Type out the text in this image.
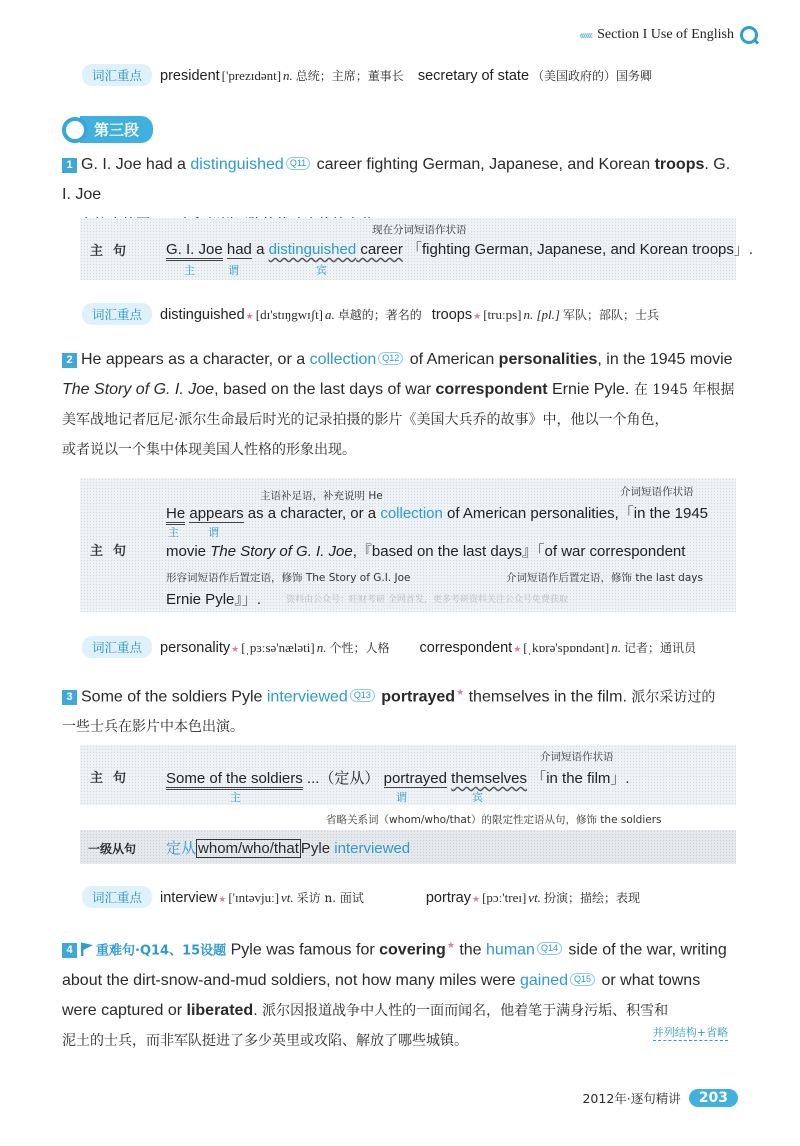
‹‹‹‹‹‹ Section I Use of English
词汇重点	president ['prezɪdənt] n. 总统；主席；董事长 secretary of state （美国政府的）国务卿
第三段
1 G. I. Joe had a distinguished Q11 career fighting German, Japanese, and Korean troops. G. I. Joe

主句
现在分词短语作状语
G. I. Joe had a distinguished career 「fighting German, Japanese, and Korean troops」.
主	谓	宾
词汇重点	distinguished ★ [dɪ'stɪŋgwɪʃt] a. 卓越的；著名的 troops ★ [truːps] n. [pl.] 军队；部队；士兵
2 He appears as a character, or a collection Q12 of American personalities, in the 1945 movie
The Story of G. I. Joe, based on the last days of war correspondent Ernie Pyle. 在 1945 年根据
美军战地记者厄尼·派尔生命最后时光的记录拍摄的影片《美国大兵乔的故事》中，他以一个角色，
或者说以一个集中体现美国人性格的形象出现。
主句
主语补足语，补充说明 He	介词短语作状语
He appears as a character, or a collection of American personalities,「in the 1945
主	谓
movie The Story of G. I. Joe,『based on the last days』「of war correspondent
形容词短语作后置定语，修饰 The Story of G.I. Joe	介词短语作后置定语，修饰 the last days
Ernie Pyle』」.	资料由公众号：旺财考研 全网首发，更多考研资料关注公众号免费获取
词汇重点	personality ★ [ˌpɜːsə'næləti] n. 个性；人格 correspondent ★ [ˌkɒrə'spɒndənt] n. 记者；通讯员
3 Some of the soldiers Pyle interviewed Q13 portrayed★ themselves in the film. 派尔采访过的
一些士兵在影片中本色出演。
主句
介词短语作状语
Some of the soldiers ...（定从） portrayed themselves 「in the film」.
主	谓	宾
省略关系词（whom/who/that）的限定性定语从句，修饰 the soldiers
一级从句 定从 whom/who/that Pyle interviewed
词汇重点	interview ★ ['ɪntəvjuː] vt. 采访 n. 面试	portray ★ [pɔː'treɪ] vt. 扮演；描绘；表现
4 重难句·Q14、15设题 Pyle was famous for covering★ the human Q14 side of the war, writing
about the dirt-snow-and-mud soldiers, not how many miles were gained Q15 or what towns
were captured or liberated. 派尔因报道战争中人性的一面而闻名，他着笔于满身污垢、积雪和
泥土的士兵，而非军队挺进了多少英里或攻陷、解放了哪些城镇。
并列结构+省略
2012年·逐句精讲	203
